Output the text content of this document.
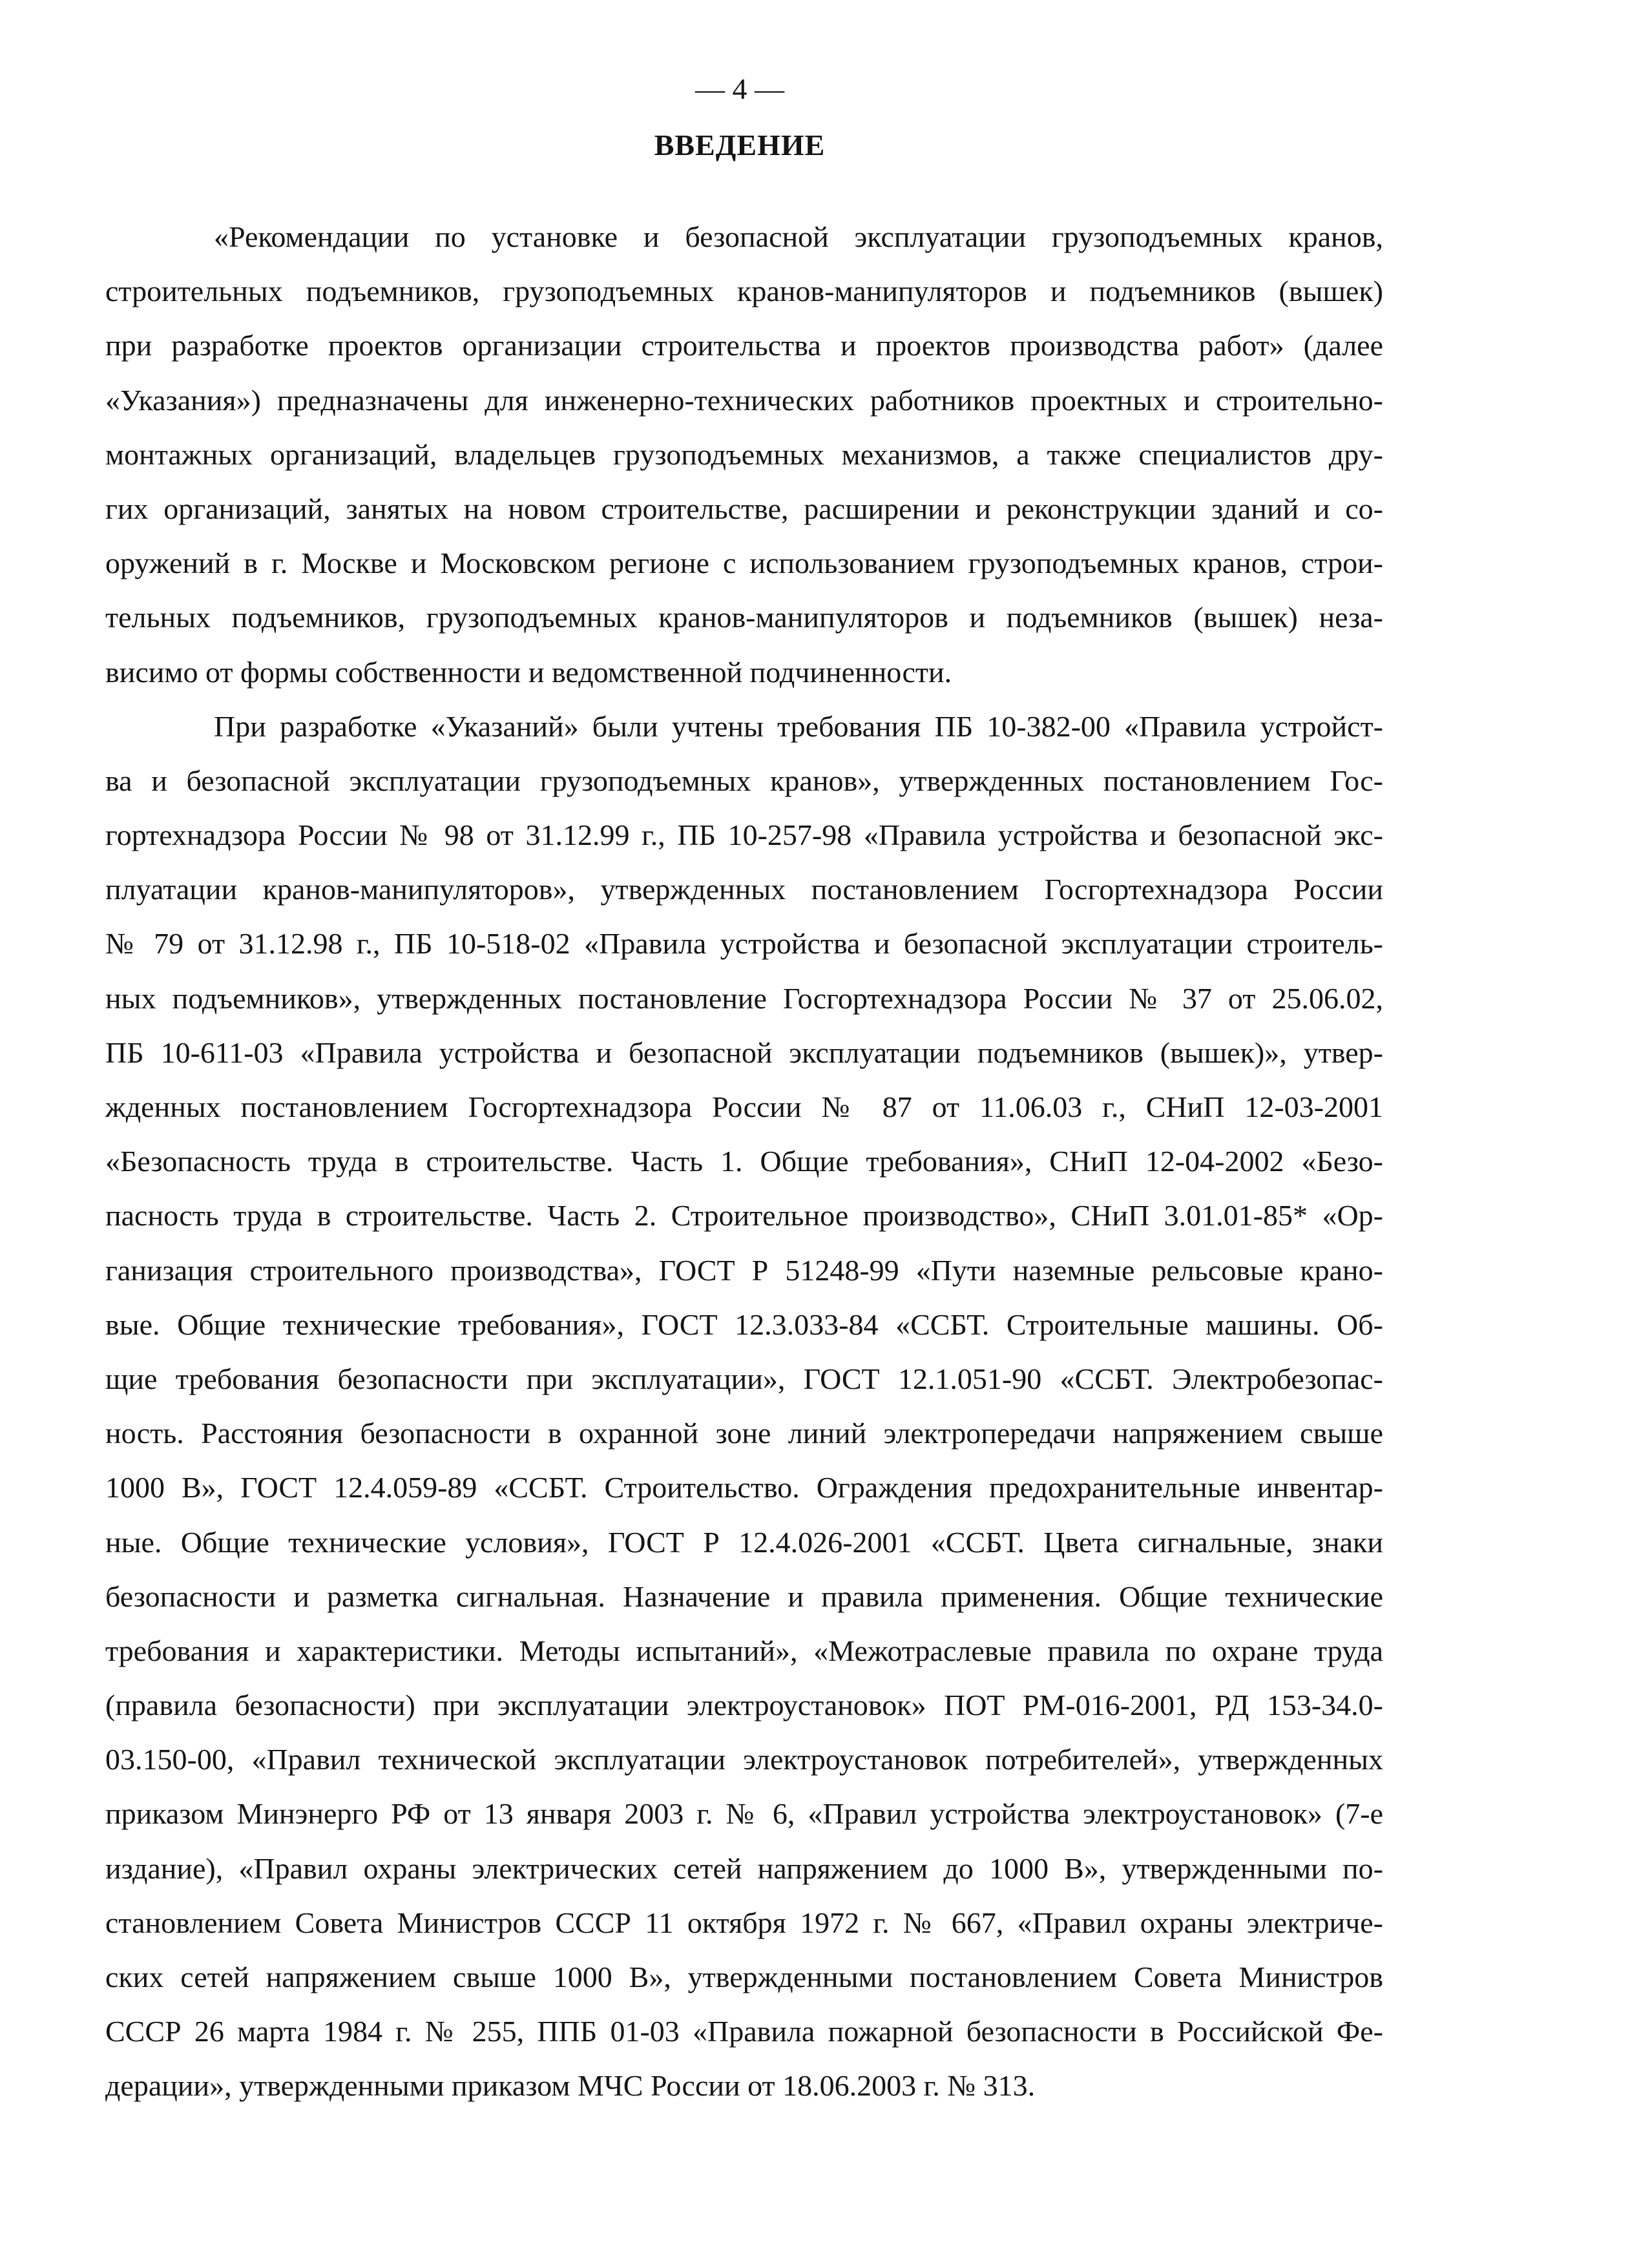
— 4 —
ВВЕДЕНИЕ
«Рекомендации по установке и безопасной эксплуатации грузоподъемных кранов,
строительных подъемников, грузоподъемных кранов-манипуляторов и подъемников (вышек)
при разработке проектов организации строительства и проектов производства работ» (далее
«Указания») предназначены для инженерно-технических работников проектных и строительно-
монтажных организаций, владельцев грузоподъемных механизмов, а также специалистов дру-
гих организаций, занятых на новом строительстве, расширении и реконструкции зданий и со-
оружений в г. Москве и Московском регионе с использованием грузоподъемных кранов, строи-
тельных подъемников, грузоподъемных кранов-манипуляторов и подъемников (вышек) неза-
висимо от формы собственности и ведомственной подчиненности.
При разработке «Указаний» были учтены требования ПБ 10-382-00 «Правила устройст-
ва и безопасной эксплуатации грузоподъемных кранов», утвержденных постановлением Гос-
гортехнадзора России № 98 от 31.12.99 г., ПБ 10-257-98 «Правила устройства и безопасной экс-
плуатации кранов-манипуляторов», утвержденных постановлением Госгортехнадзора России
№ 79 от 31.12.98 г., ПБ 10-518-02 «Правила устройства и безопасной эксплуатации строитель-
ных подъемников», утвержденных постановление Госгортехнадзора России № 37 от 25.06.02,
ПБ 10-611-03 «Правила устройства и безопасной эксплуатации подъемников (вышек)», утвер-
жденных постановлением Госгортехнадзора России № 87 от 11.06.03 г., СНиП 12-03-2001
«Безопасность труда в строительстве. Часть 1. Общие требования», СНиП 12-04-2002 «Безо-
пасность труда в строительстве. Часть 2. Строительное производство», СНиП 3.01.01-85* «Ор-
ганизация строительного производства», ГОСТ Р 51248-99 «Пути наземные рельсовые крано-
вые. Общие технические требования», ГОСТ 12.3.033-84 «ССБТ. Строительные машины. Об-
щие требования безопасности при эксплуатации», ГОСТ 12.1.051-90 «ССБТ. Электробезопас-
ность. Расстояния безопасности в охранной зоне линий электропередачи напряжением свыше
1000 В», ГОСТ 12.4.059-89 «ССБТ. Строительство. Ограждения предохранительные инвентар-
ные. Общие технические условия», ГОСТ Р 12.4.026-2001 «ССБТ. Цвета сигнальные, знаки
безопасности и разметка сигнальная. Назначение и правила применения. Общие технические
требования и характеристики. Методы испытаний», «Межотраслевые правила по охране труда
(правила безопасности) при эксплуатации электроустановок» ПОТ РМ-016-2001, РД 153-34.0-
03.150-00, «Правил технической эксплуатации электроустановок потребителей», утвержденных
приказом Минэнерго РФ от 13 января 2003 г. № 6, «Правил устройства электроустановок» (7-е
издание), «Правил охраны электрических сетей напряжением до 1000 В», утвержденными по-
становлением Совета Министров СССР 11 октября 1972 г. № 667, «Правил охраны электриче-
ских сетей напряжением свыше 1000 В», утвержденными постановлением Совета Министров
СССР 26 марта 1984 г. № 255, ППБ 01-03 «Правила пожарной безопасности в Российской Фе-
дерации», утвержденными приказом МЧС России от 18.06.2003 г. № 313.
